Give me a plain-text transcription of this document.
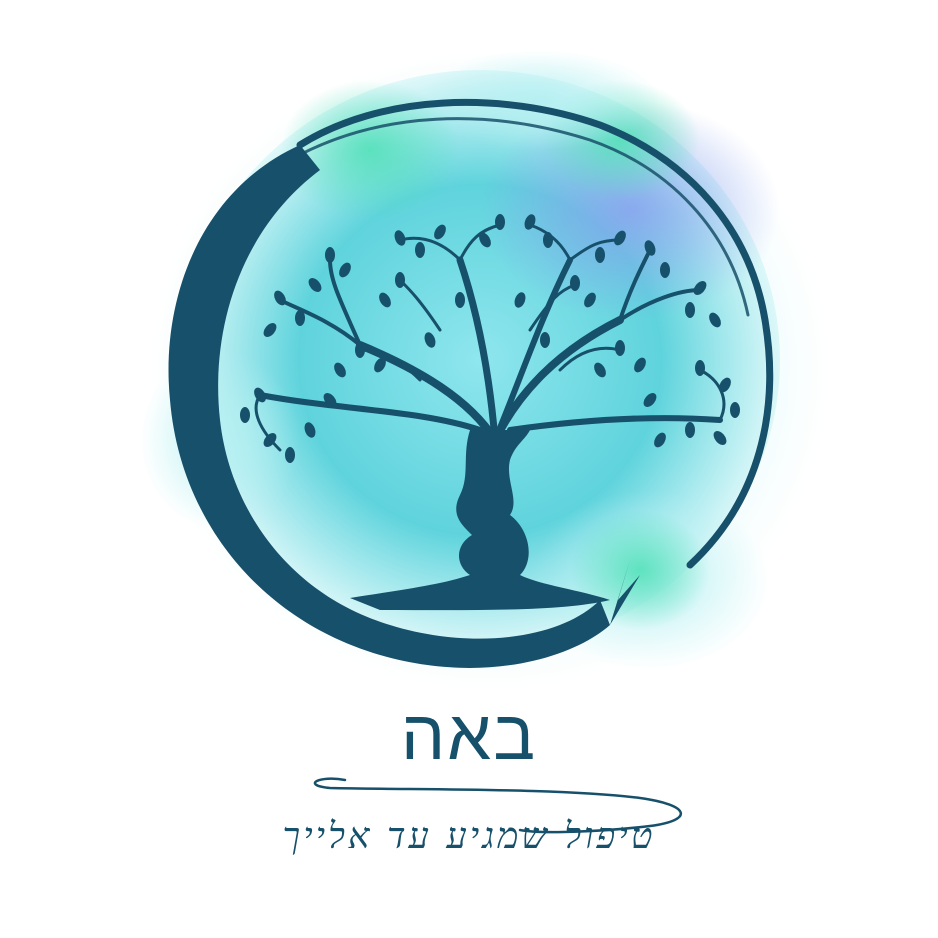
באה
טיפול שמגיע עד אלייך
